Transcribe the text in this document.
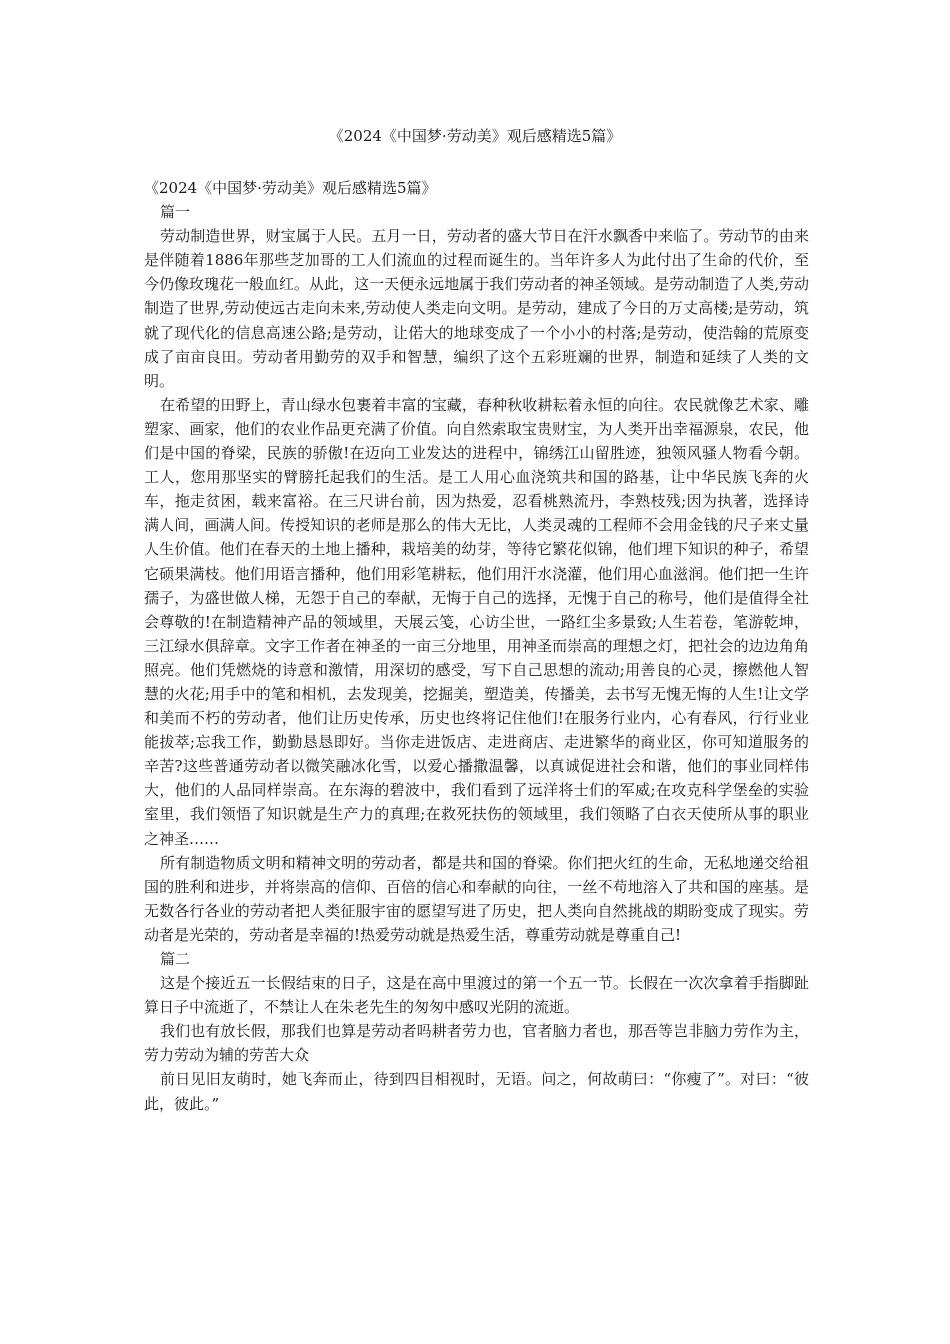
《2024《中国梦·劳动美》观后感精选5篇》

《2024《中国梦·劳动美》观后感精选5篇》

篇一

劳动制造世界，财宝属于人民。五月一日，劳动者的盛大节日在汗水飘香中来临了。劳动节的由来是伴随着1886年那些芝加哥的工人们流血的过程而诞生的。当年许多人为此付出了生命的代价，至今仍像玫瑰花一般血红。从此，这一天便永远地属于我们劳动者的神圣领域。是劳动制造了人类,劳动制造了世界,劳动使远古走向未来,劳动使人类走向文明。是劳动，建成了今日的万丈高楼;是劳动，筑就了现代化的信息高速公路;是劳动，让偌大的地球变成了一个小小的村落;是劳动，使浩翰的荒原变成了亩亩良田。劳动者用勤劳的双手和智慧，编织了这个五彩班斓的世界，制造和延续了人类的文明。

在希望的田野上，青山绿水包裹着丰富的宝藏，春种秋收耕耘着永恒的向往。农民就像艺术家、雕塑家、画家，他们的农业作品更充满了价值。向自然索取宝贵财宝，为人类开出幸福源泉，农民，他们是中国的脊梁，民族的骄傲!在迈向工业发达的进程中，锦绣江山留胜迹，独领风骚人物看今朝。工人，您用那坚实的臂膀托起我们的生活。是工人用心血浇筑共和国的路基，让中华民族飞奔的火车，拖走贫困，载来富裕。在三尺讲台前，因为热爱，忍看桃熟流丹，李熟枝残;因为执著，选择诗满人间，画满人间。传授知识的老师是那么的伟大无比，人类灵魂的工程师不会用金钱的尺子来丈量人生价值。他们在春天的土地上播种，栽培美的幼芽，等待它繁花似锦，他们埋下知识的种子，希望它硕果满枝。他们用语言播种，他们用彩笔耕耘，他们用汗水浇灌，他们用心血滋润。他们把一生许孺子，为盛世做人梯，无怨于自己的奉献，无悔于自己的选择，无愧于自己的称号，他们是值得全社会尊敬的!在制造精神产品的领域里，天展云笺，心访尘世，一路红尘多景致;人生若卷，笔游乾坤，三江绿水俱辞章。文字工作者在神圣的一亩三分地里，用神圣而崇高的理想之灯，把社会的边边角角照亮。他们凭燃烧的诗意和激情，用深切的感受，写下自己思想的流动;用善良的心灵，擦燃他人智慧的火花;用手中的笔和相机，去发现美，挖掘美，塑造美，传播美，去书写无愧无悔的人生!让文学和美而不朽的劳动者，他们让历史传承，历史也终将记住他们!在服务行业内，心有春风，行行业业能拔萃;忘我工作，勤勤恳恳即好。当你走进饭店、走进商店、走进繁华的商业区，你可知道服务的辛苦?这些普通劳动者以微笑融冰化雪，以爱心播撒温馨，以真诚促进社会和谐，他们的事业同样伟大，他们的人品同样崇高。在东海的碧波中，我们看到了远洋将士们的军威;在攻克科学堡垒的实验室里，我们领悟了知识就是生产力的真理;在救死扶伤的领域里，我们领略了白衣天使所从事的职业之神圣……

所有制造物质文明和精神文明的劳动者，都是共和国的脊梁。你们把火红的生命，无私地递交给祖国的胜利和进步，并将崇高的信仰、百倍的信心和奉献的向往，一丝不苟地溶入了共和国的座基。是无数各行各业的劳动者把人类征服宇宙的愿望写进了历史，把人类向自然挑战的期盼变成了现实。劳动者是光荣的，劳动者是幸福的!热爱劳动就是热爱生活，尊重劳动就是尊重自己!

篇二

这是个接近五一长假结束的日子，这是在高中里渡过的第一个五一节。长假在一次次拿着手指脚趾算日子中流逝了，不禁让人在朱老先生的匆匆中感叹光阴的流逝。

我们也有放长假，那我们也算是劳动者吗耕者劳力也，官者脑力者也，那吾等岂非脑力劳作为主，劳力劳动为辅的劳苦大众

前日见旧友萌时，她飞奔而止，待到四目相视时，无语。问之，何故萌曰：“你瘦了”。对曰：“彼此，彼此。”
